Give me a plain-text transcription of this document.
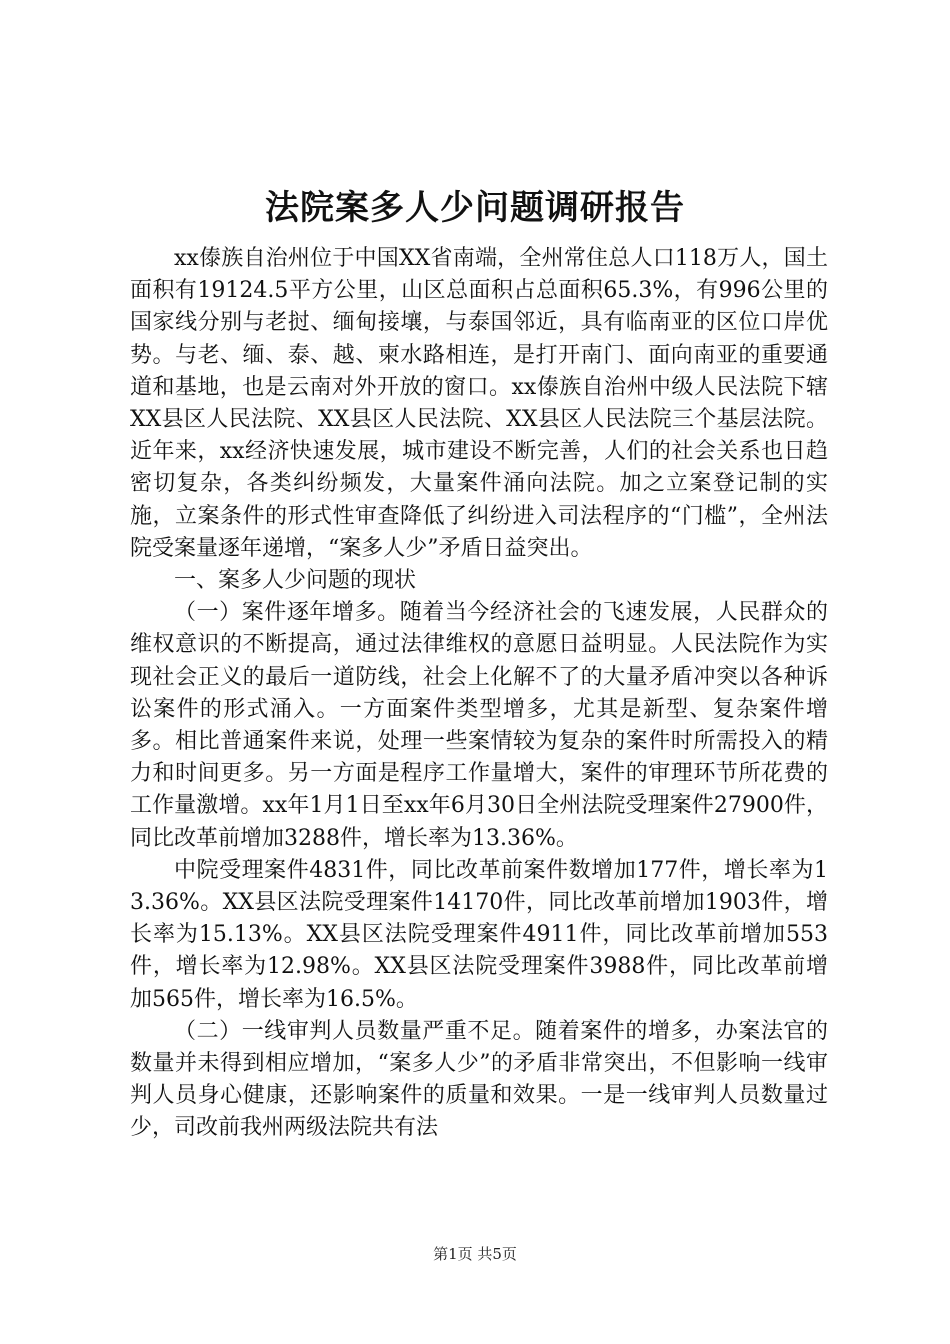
法院案多人少问题调研报告

xx傣族自治州位于中国XX省南端，全州常住总人口118万人，国土面积有19124.5平方公里，山区总面积占总面积65.3%，有996公里的国家线分别与老挝、缅甸接壤，与泰国邻近，具有临南亚的区位口岸优势。与老、缅、泰、越、柬水路相连，是打开南门、面向南亚的重要通道和基地，也是云南对外开放的窗口。xx傣族自治州中级人民法院下辖XX县区人民法院、XX县区人民法院、XX县区人民法院三个基层法院。近年来，xx经济快速发展，城市建设不断完善，人们的社会关系也日趋密切复杂，各类纠纷频发，大量案件涌向法院。加之立案登记制的实施，立案条件的形式性审查降低了纠纷进入司法程序的“门槛”，全州法院受案量逐年递增，“案多人少”矛盾日益突出。

一、案多人少问题的现状

（一）案件逐年增多。随着当今经济社会的飞速发展，人民群众的维权意识的不断提高，通过法律维权的意愿日益明显。人民法院作为实现社会正义的最后一道防线，社会上化解不了的大量矛盾冲突以各种诉讼案件的形式涌入。一方面案件类型增多，尤其是新型、复杂案件增多。相比普通案件来说，处理一些案情较为复杂的案件时所需投入的精力和时间更多。另一方面是程序工作量增大，案件的审理环节所花费的工作量激增。xx年1月1日至xx年6月30日全州法院受理案件27900件，同比改革前增加3288件，增长率为13.36%。

中院受理案件4831件，同比改革前案件数增加177件，增长率为13.36%。XX县区法院受理案件14170件，同比改革前增加1903件，增长率为15.13%。XX县区法院受理案件4911件，同比改革前增加553件，增长率为12.98%。XX县区法院受理案件3988件，同比改革前增加565件，增长率为16.5%。

（二）一线审判人员数量严重不足。随着案件的增多，办案法官的数量并未得到相应增加，“案多人少”的矛盾非常突出，不但影响一线审判人员身心健康，还影响案件的质量和效果。一是一线审判人员数量过少，司改前我州两级法院共有法

第1页 共5页
